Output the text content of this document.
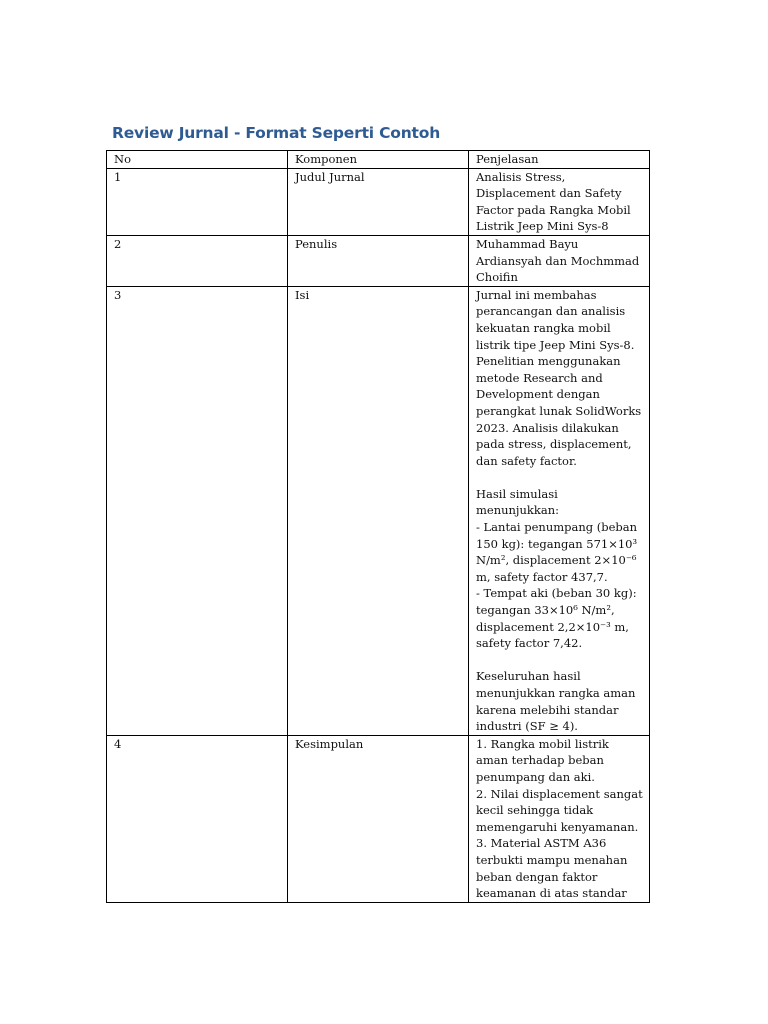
Review Jurnal - Format Seperti Contoh
No	Komponen	Penjelasan
1	Judul Jurnal	Analisis Stress, Displacement dan Safety Factor pada Rangka Mobil Listrik Jeep Mini Sys-8
2	Penulis	Muhammad Bayu Ardiansyah dan Mochmmad Choifin
3	Isi	Jurnal ini membahas perancangan dan analisis kekuatan rangka mobil listrik tipe Jeep Mini Sys-8. Penelitian menggunakan metode Research and Development dengan perangkat lunak SolidWorks 2023. Analisis dilakukan pada stress, displacement, dan safety factor.

Hasil simulasi menunjukkan:
- Lantai penumpang (beban 150 kg): tegangan 571×10³ N/m², displacement 2×10⁻⁶ m, safety factor 437,7.
- Tempat aki (beban 30 kg): tegangan 33×10⁶ N/m², displacement 2,2×10⁻³ m, safety factor 7,42.

Keseluruhan hasil menunjukkan rangka aman karena melebihi standar industri (SF ≥ 4).
4	Kesimpulan	1. Rangka mobil listrik aman terhadap beban penumpang dan aki.
2. Nilai displacement sangat kecil sehingga tidak memengaruhi kenyamanan.
3. Material ASTM A36 terbukti mampu menahan beban dengan faktor keamanan di atas standar
